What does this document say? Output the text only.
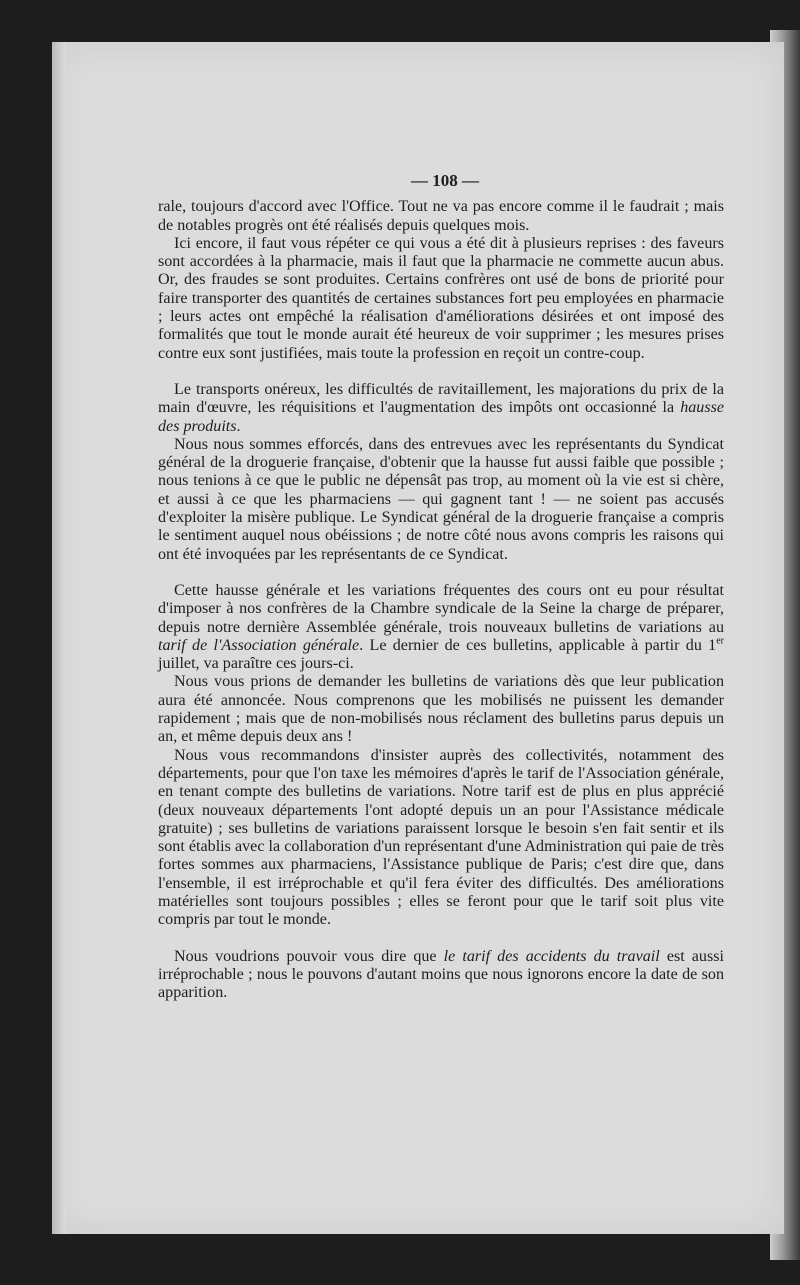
— 108 —

rale, toujours d'accord avec l'Office. Tout ne va pas encore comme il le faudrait ; mais de notables progrès ont été réalisés depuis quelques mois.

Ici encore, il faut vous répéter ce qui vous a été dit à plusieurs reprises : des faveurs sont accordées à la pharmacie, mais il faut que la pharmacie ne commette aucun abus. Or, des fraudes se sont produites. Certains confrères ont usé de bons de priorité pour faire transporter des quantités de certaines substances fort peu employées en pharmacie ; leurs actes ont empêché la réalisation d'améliorations désirées et ont imposé des formalités que tout le monde aurait été heureux de voir supprimer ; les mesures prises contre eux sont justifiées, mais toute la profession en reçoit un contre-coup.

Le transports onéreux, les difficultés de ravitaillement, les majorations du prix de la main d'œuvre, les réquisitions et l'augmentation des impôts ont occasionné la hausse des produits.

Nous nous sommes efforcés, dans des entrevues avec les représentants du Syndicat général de la droguerie française, d'obtenir que la hausse fut aussi faible que possible ; nous tenions à ce que le public ne dépensât pas trop, au moment où la vie est si chère, et aussi à ce que les pharmaciens — qui gagnent tant ! — ne soient pas accusés d'exploiter la misère publique. Le Syndicat général de la droguerie française a compris le sentiment auquel nous obéissions ; de notre côté nous avons compris les raisons qui ont été invoquées par les représentants de ce Syndicat.

Cette hausse générale et les variations fréquentes des cours ont eu pour résultat d'imposer à nos confrères de la Chambre syndicale de la Seine la charge de préparer, depuis notre dernière Assemblée générale, trois nouveaux bulletins de variations au tarif de l'Association générale. Le dernier de ces bulletins, applicable à partir du 1er juillet, va paraître ces jours-ci.

Nous vous prions de demander les bulletins de variations dès que leur publication aura été annoncée. Nous comprenons que les mobilisés ne puissent les demander rapidement ; mais que de non-mobilisés nous réclament des bulletins parus depuis un an, et même depuis deux ans !

Nous vous recommandons d'insister auprès des collectivités, notamment des départements, pour que l'on taxe les mémoires d'après le tarif de l'Association générale, en tenant compte des bulletins de variations. Notre tarif est de plus en plus apprécié (deux nouveaux départements l'ont adopté depuis un an pour l'Assistance médicale gratuite) ; ses bulletins de variations paraissent lorsque le besoin s'en fait sentir et ils sont établis avec la collaboration d'un représentant d'une Administration qui paie de très fortes sommes aux pharmaciens, l'Assistance publique de Paris; c'est dire que, dans l'ensemble, il est irréprochable et qu'il fera éviter des difficultés. Des améliorations matérielles sont toujours possibles ; elles se feront pour que le tarif soit plus vite compris par tout le monde.

Nous voudrions pouvoir vous dire que le tarif des accidents du travail est aussi irréprochable ; nous le pouvons d'autant moins que nous ignorons encore la date de son apparition.
